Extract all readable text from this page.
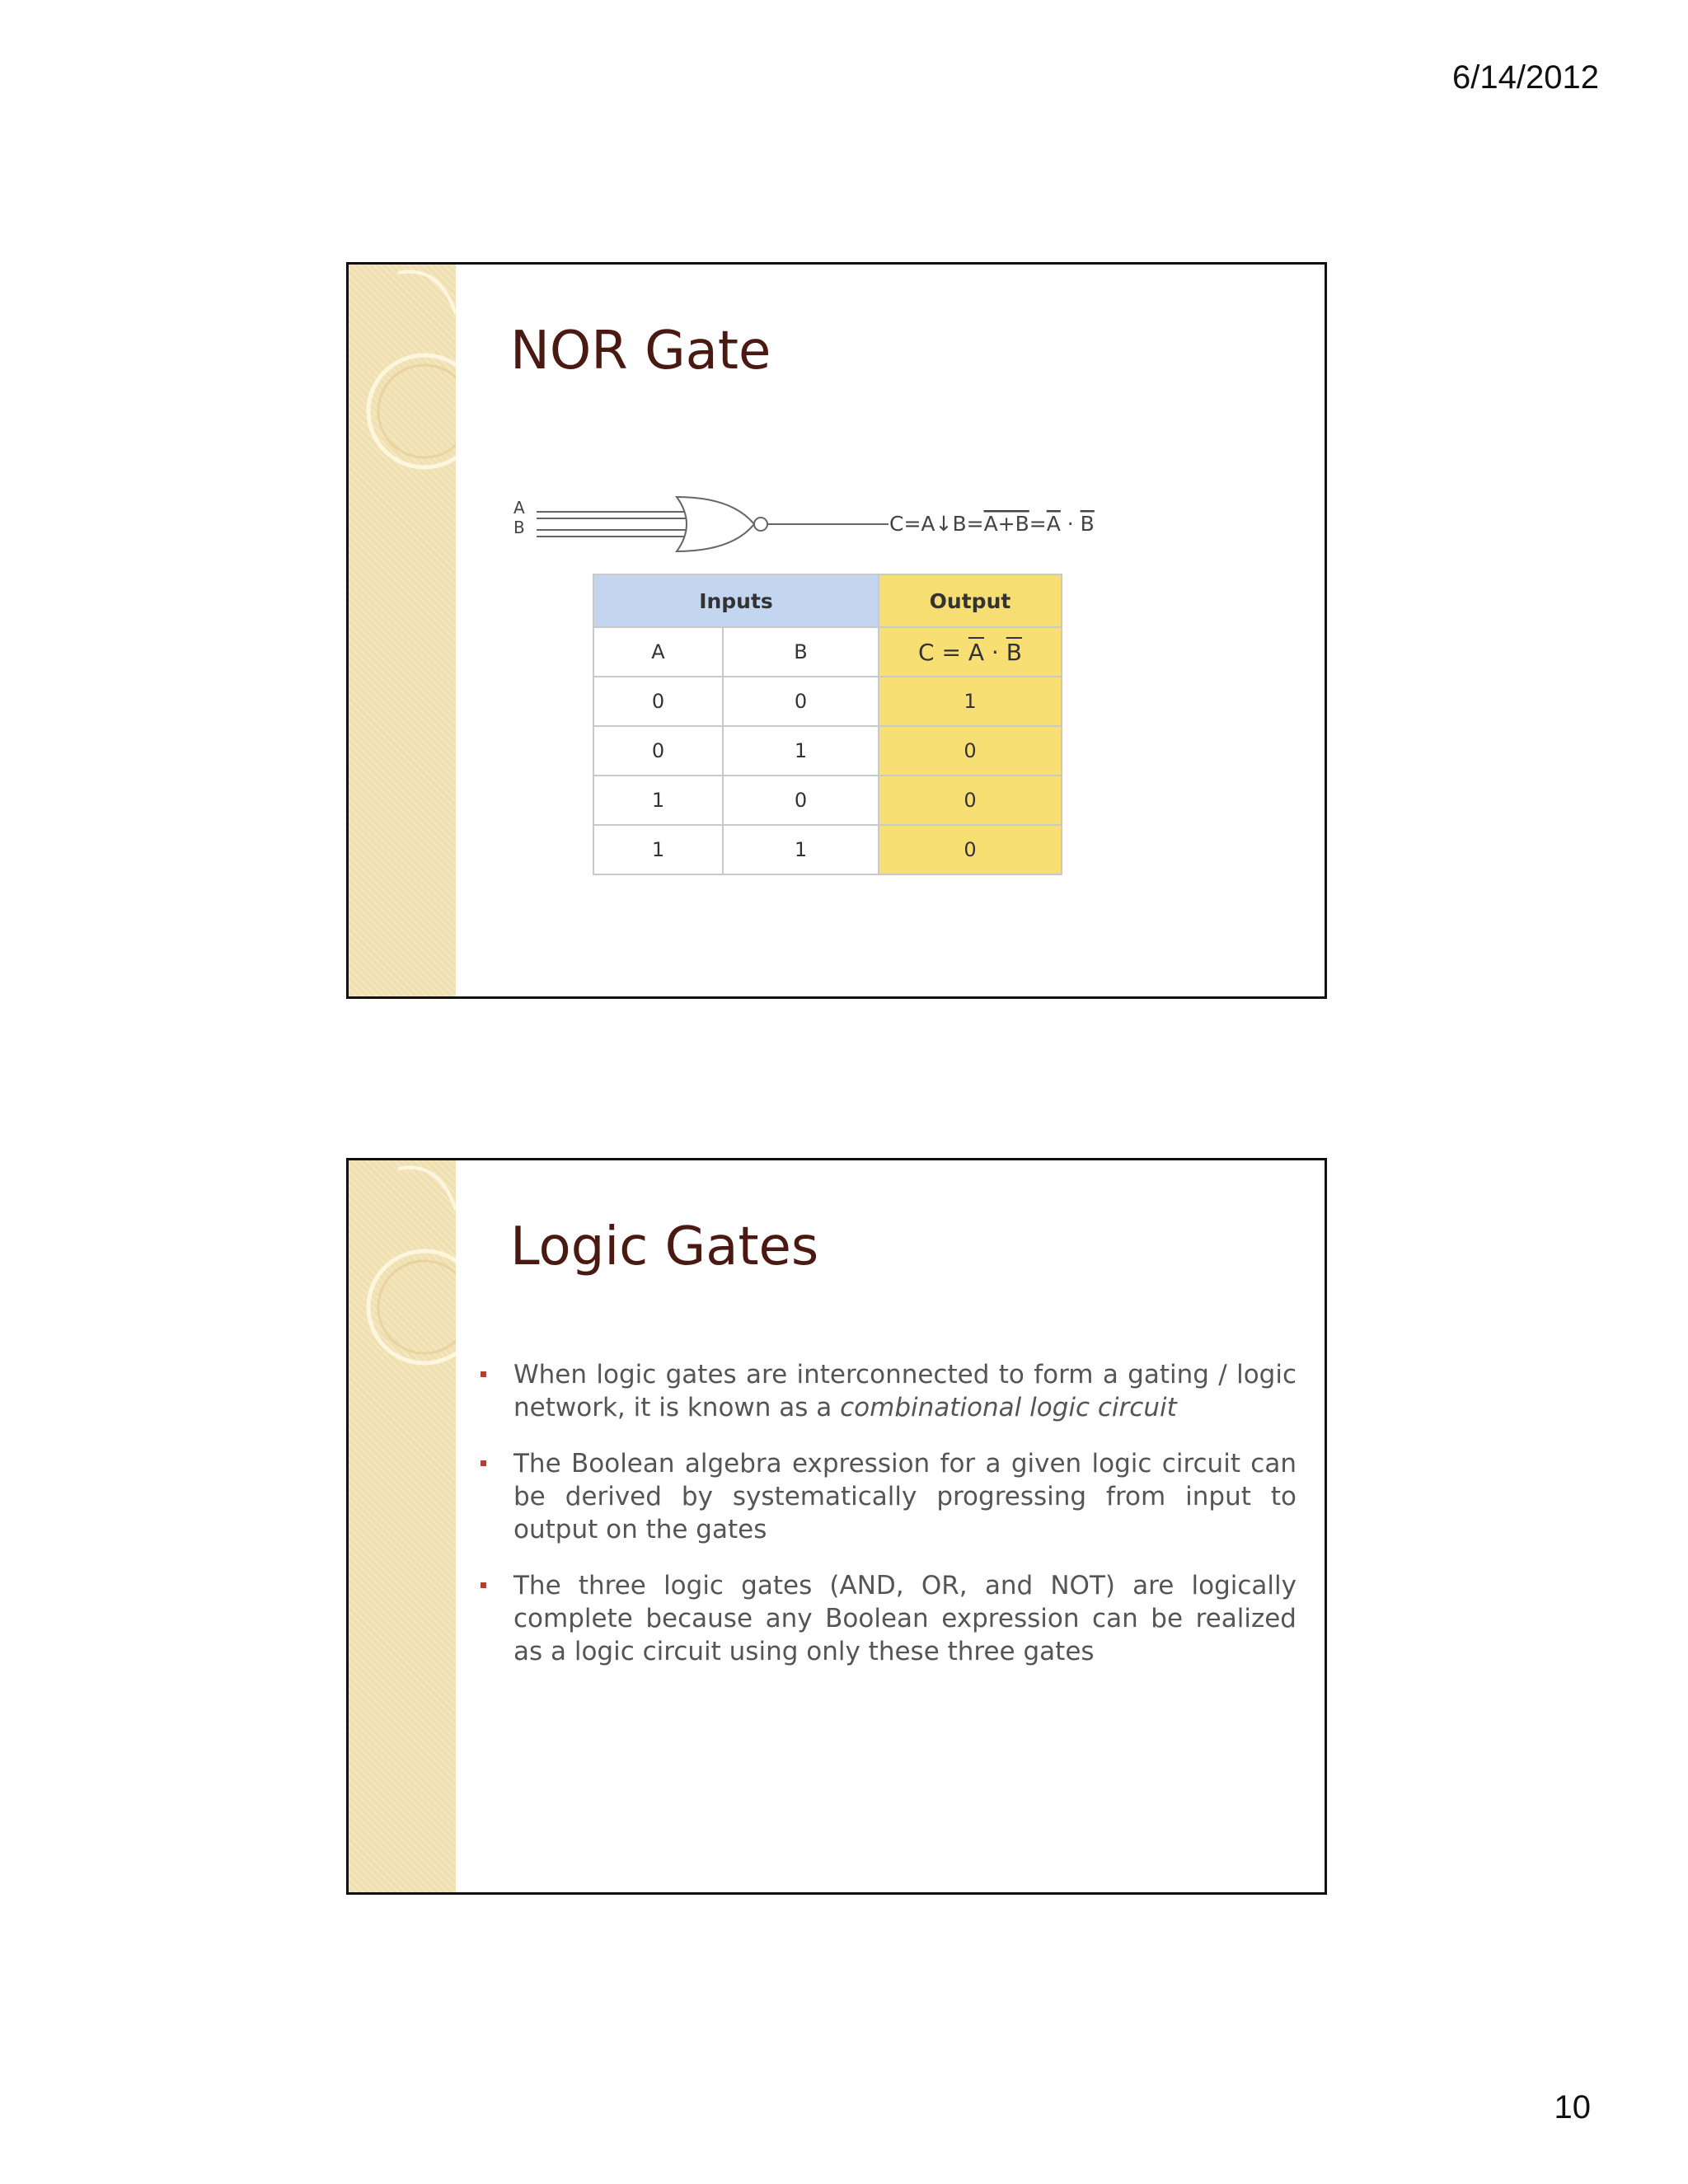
6/14/2012
NOR Gate
A
B	C=A↓B=A+B=A · B
Inputs		Output
A	B	$C = \overline{A} \cdot \overline{B}$
0	0	1
0	1	0
1	0	0
1	1	0
Logic Gates
When logic gates are interconnected to form a gating / logic network, it is known as a combinational logic circuit
The Boolean algebra expression for a given logic circuit can be derived by systematically progressing from input to output on the gates
The three logic gates (AND, OR, and NOT) are logically complete because any Boolean expression can be realized as a logic circuit using only these three gates
10
